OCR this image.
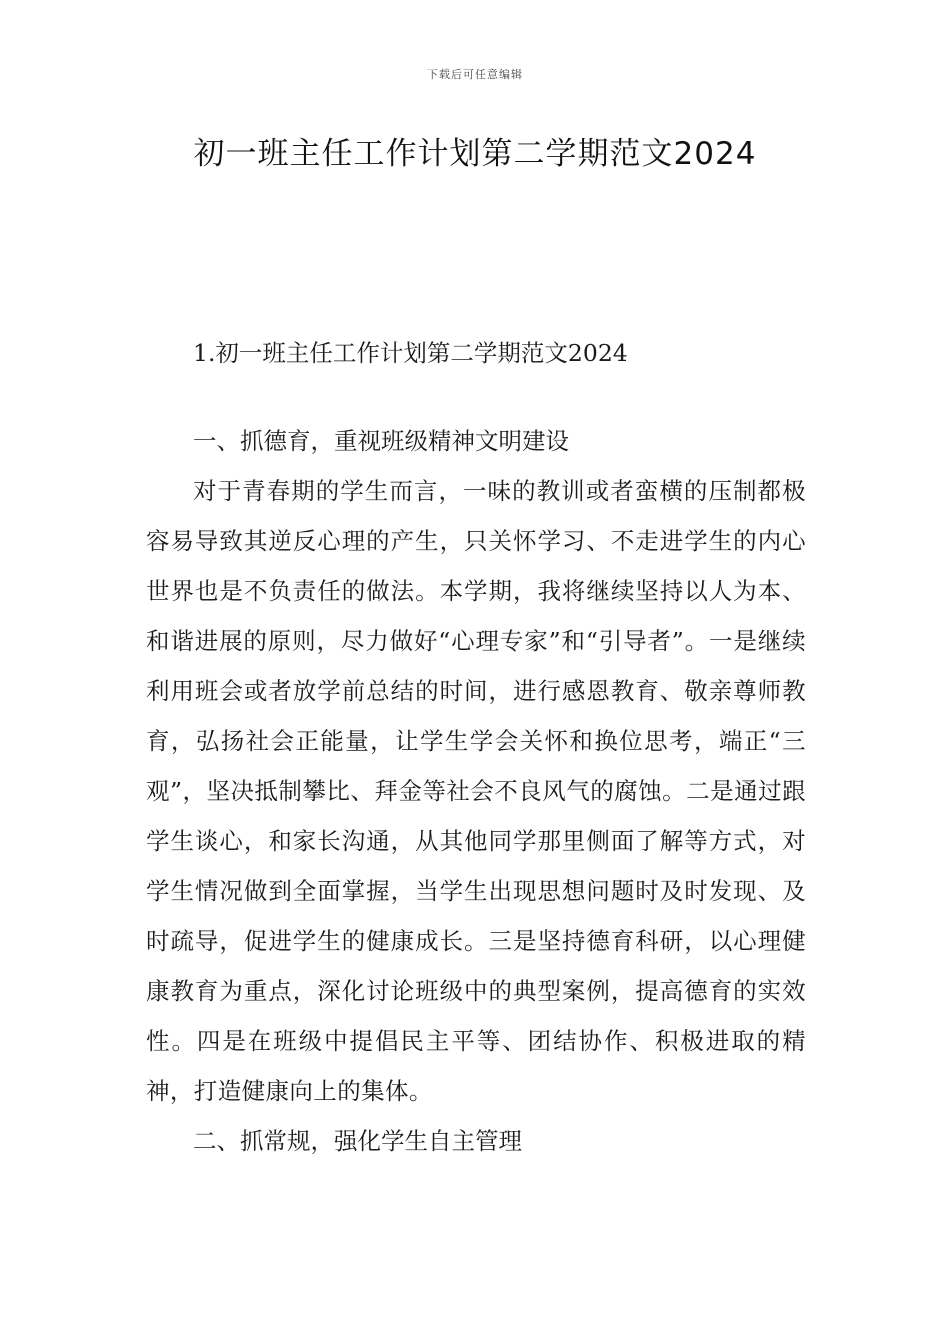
下载后可任意编辑
初一班主任工作计划第二学期范文2024

1.初一班主任工作计划第二学期范文2024

一、抓德育，重视班级精神文明建设

对于青春期的学生而言，一味的教训或者蛮横的压制都极容易导致其逆反心理的产生，只关怀学习、不走进学生的内心世界也是不负责任的做法。本学期，我将继续坚持以人为本、和谐进展的原则，尽力做好“心理专家”和“引导者”。一是继续利用班会或者放学前总结的时间，进行感恩教育、敬亲尊师教育，弘扬社会正能量，让学生学会关怀和换位思考，端正“三观”，坚决抵制攀比、拜金等社会不良风气的腐蚀。二是通过跟学生谈心，和家长沟通，从其他同学那里侧面了解等方式，对学生情况做到全面掌握，当学生出现思想问题时及时发现、及时疏导，促进学生的健康成长。三是坚持德育科研，以心理健康教育为重点，深化讨论班级中的典型案例，提高德育的实效性。四是在班级中提倡民主平等、团结协作、积极进取的精神，打造健康向上的集体。

二、抓常规，强化学生自主管理
